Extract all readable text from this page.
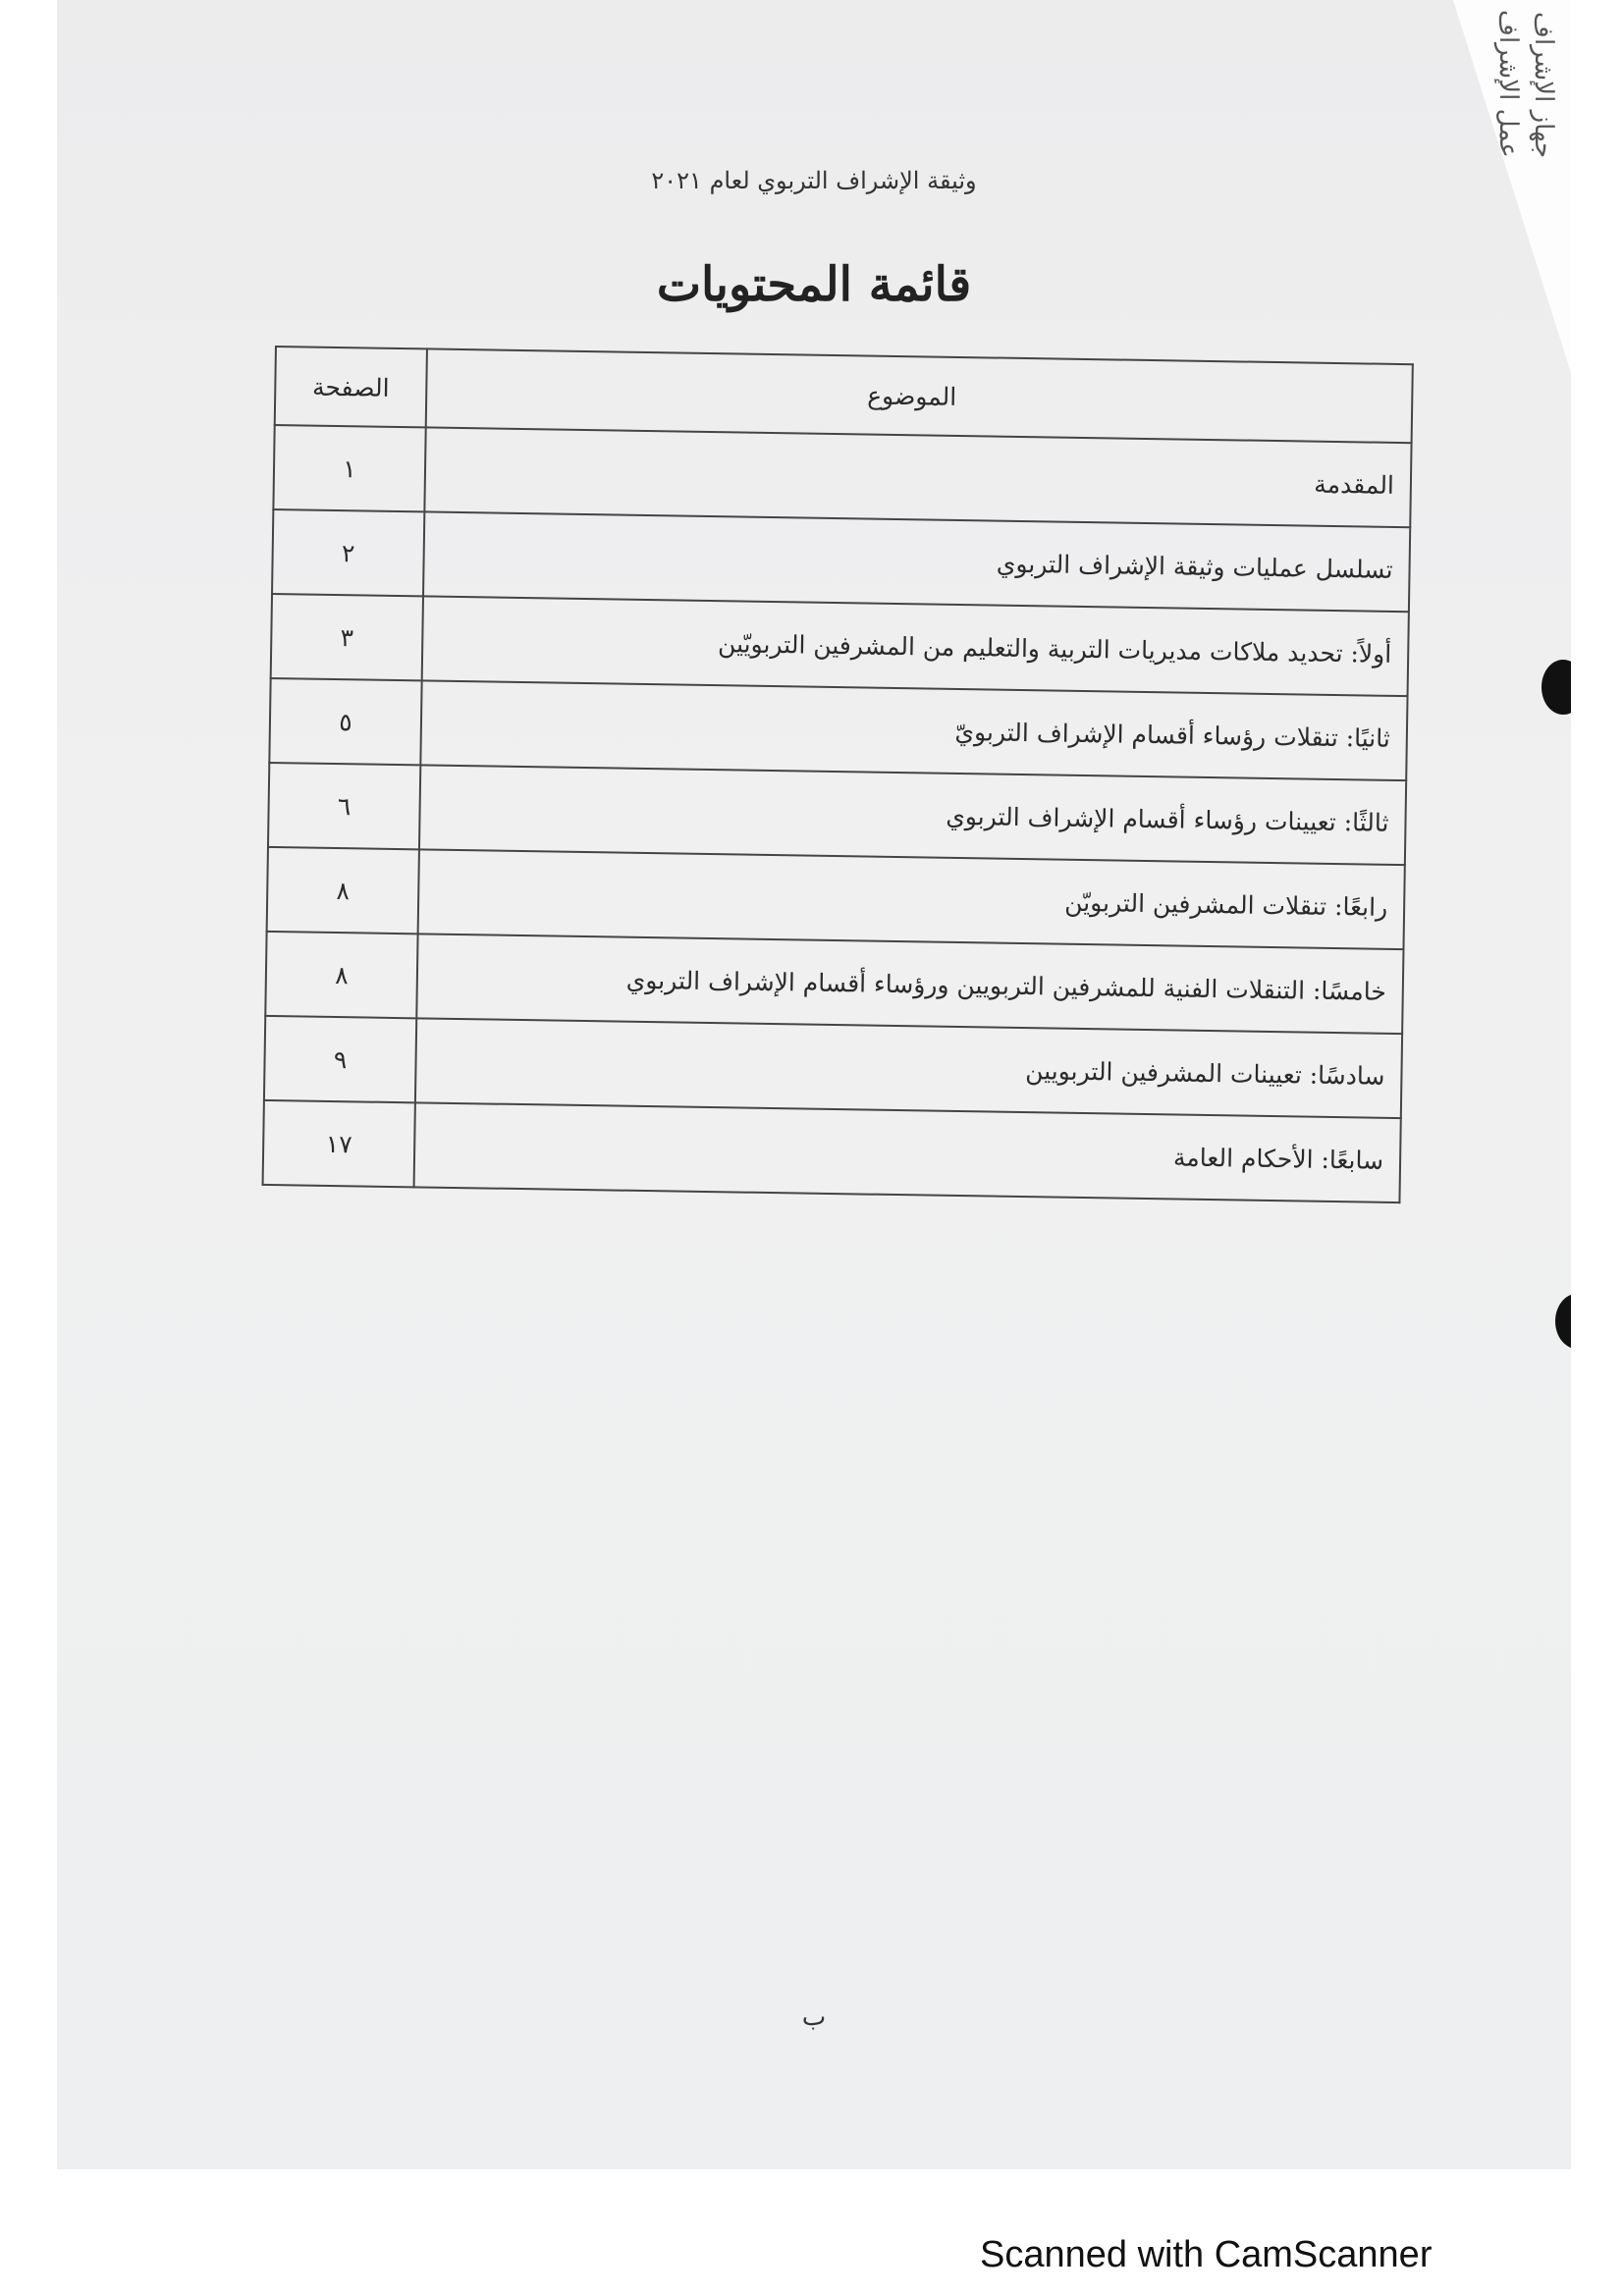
جهاز الإشراف
عمل الإشراف
وثيقة الإشراف التربوي لعام ٢٠٢١
قائمة المحتويات
الموضوع	الصفحة
المقدمة	١
تسلسل عمليات وثيقة الإشراف التربوي	٢
أولاً: تحديد ملاكات مديريات التربية والتعليم من المشرفين التربويّين	٣
ثانيًا: تنقلات رؤساء أقسام الإشراف التربويّ	٥
ثالثًا: تعيينات رؤساء أقسام الإشراف التربوي	٦
رابعًا: تنقلات المشرفين التربويّن	٨
خامسًا: التنقلات الفنية للمشرفين التربويين ورؤساء أقسام الإشراف التربوي	٨
سادسًا: تعيينات المشرفين التربويين	٩
سابعًا: الأحكام العامة	١٧
ب
Scanned with CamScanner
